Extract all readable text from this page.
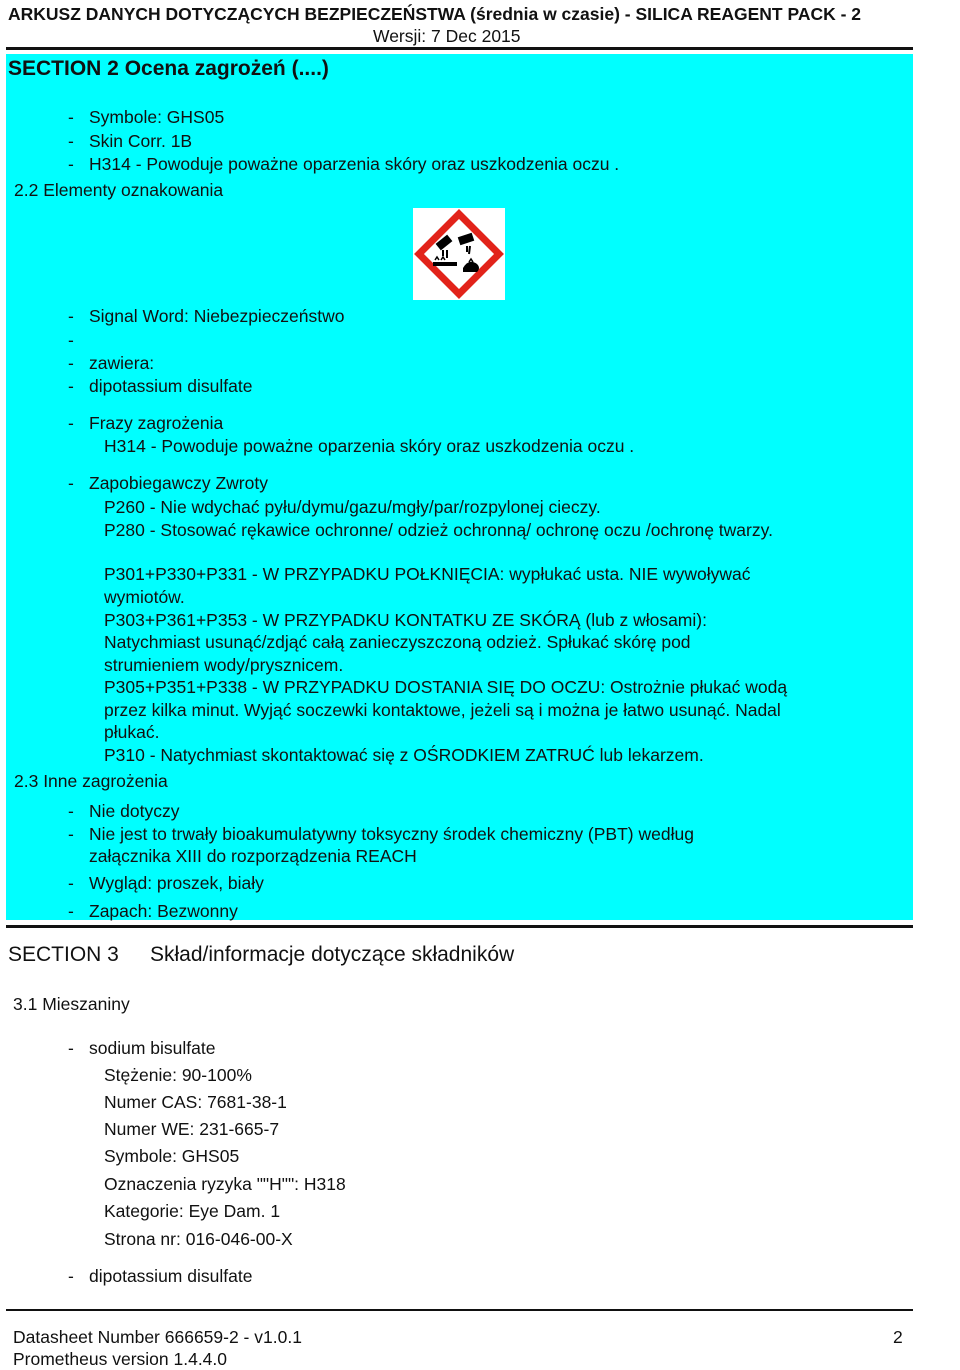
ARKUSZ DANYCH DOTYCZĄCYCH BEZPIECZEŃSTWA (średnia w czasie) - SILICA REAGENT PACK - 2
Wersji: 7 Dec 2015
SECTION 2 Ocena zagrożeń (....)
- Symbole: GHS05
- Skin Corr. 1B
- H314 - Powoduje poważne oparzenia skóry oraz uszkodzenia oczu .
2.2 Elementy oznakowania
- Signal Word: Niebezpieczeństwo
-
- zawiera:
- dipotassium disulfate
- Frazy zagrożenia
H314 - Powoduje poważne oparzenia skóry oraz uszkodzenia oczu .
- Zapobiegawczy Zwroty
P260 - Nie wdychać pyłu/dymu/gazu/mgły/par/rozpylonej cieczy.
P280 - Stosować rękawice ochronne/ odzież ochronną/ ochronę oczu /ochronę twarzy.
P301+P330+P331 - W PRZYPADKU POŁKNIĘCIA: wypłukać usta. NIE wywoływać
wymiotów.
P303+P361+P353 - W PRZYPADKU KONTATKU ZE SKÓRĄ (lub z włosami):
Natychmiast usunąć/zdjąć całą zanieczyszczoną odzież. Spłukać skórę pod
strumieniem wody/prysznicem.
P305+P351+P338 - W PRZYPADKU DOSTANIA SIĘ DO OCZU: Ostrożnie płukać wodą
przez kilka minut. Wyjąć soczewki kontaktowe, jeżeli są i można je łatwo usunąć. Nadal
płukać.
P310 - Natychmiast skontaktować się z OŚRODKIEM ZATRUĆ lub lekarzem.
2.3 Inne zagrożenia
- Nie dotyczy
- Nie jest to trwały bioakumulatywny toksyczny środek chemiczny (PBT) według
załącznika XIII do rozporządzenia REACH
- Wygląd: proszek, biały
- Zapach: Bezwonny
SECTION 3 Skład/informacje dotyczące składników
3.1 Mieszaniny
- sodium bisulfate
Stężenie: 90-100%
Numer CAS: 7681-38-1
Numer WE: 231-665-7
Symbole: GHS05
Oznaczenia ryzyka ""H"": H318
Kategorie: Eye Dam. 1
Strona nr: 016-046-00-X
- dipotassium disulfate
Datasheet Number 666659-2 - v1.0.1	2
Prometheus version 1.4.4.0
